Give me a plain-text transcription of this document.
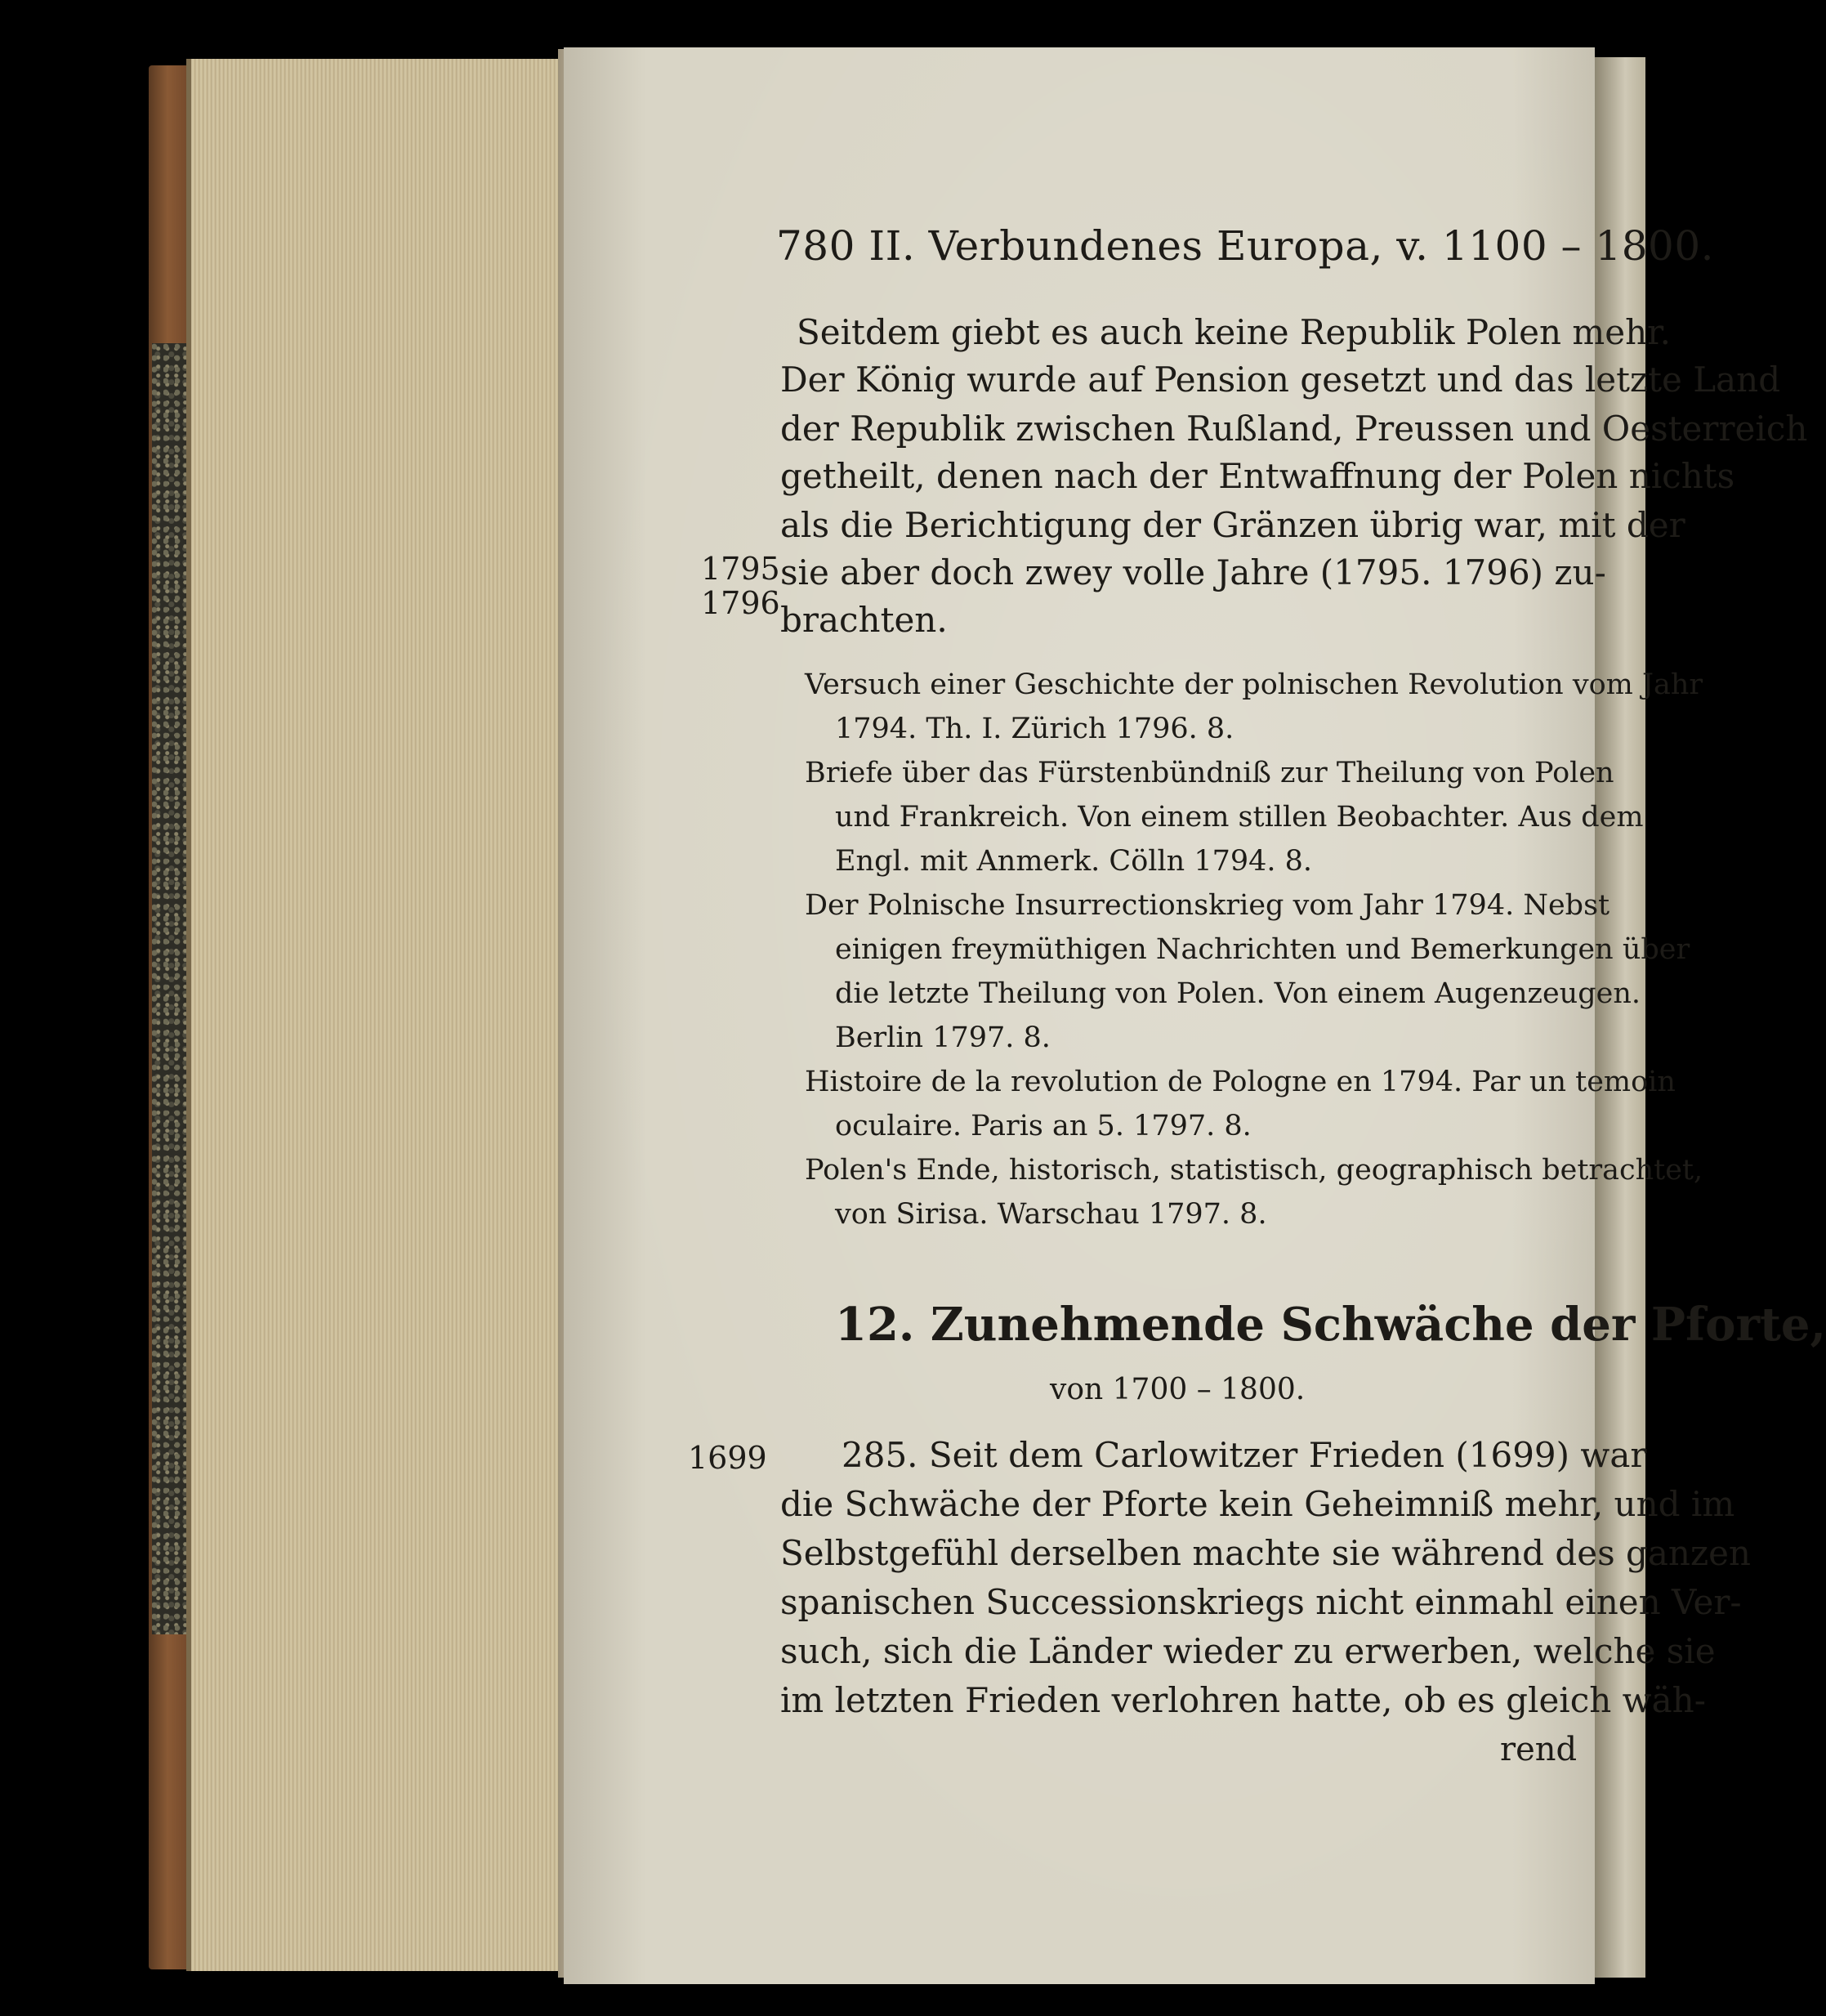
780 II. Verbundenes Europa, v. 1100 – 1800.
Seitdem giebt es auch keine Republik Polen mehr.
Der König wurde auf Pension gesetzt und das letzte Land
der Republik zwischen Rußland, Preussen und Oesterreich
getheilt, denen nach der Entwaffnung der Polen nichts
als die Berichtigung der Gränzen übrig war, mit der
sie aber doch zwey volle Jahre (1795. 1796) zu-
brachten.
1795
1796
Versuch einer Geschichte der polnischen Revolution vom Jahr
1794. Th. I. Zürich 1796. 8.
Briefe über das Fürstenbündniß zur Theilung von Polen
und Frankreich. Von einem stillen Beobachter. Aus dem
Engl. mit Anmerk. Cölln 1794. 8.
Der Polnische Insurrectionskrieg vom Jahr 1794. Nebst
einigen freymüthigen Nachrichten und Bemerkungen über
die letzte Theilung von Polen. Von einem Augenzeugen.
Berlin 1797. 8.
Histoire de la revolution de Pologne en 1794. Par un temoin
oculaire. Paris an 5. 1797. 8.
Polen's Ende, historisch, statistisch, geographisch betrachtet,
von Sirisa. Warschau 1797. 8.
12. Zunehmende Schwäche der Pforte,
von 1700 – 1800.
1699 285. Seit dem Carlowitzer Frieden (1699) war
die Schwäche der Pforte kein Geheimniß mehr, und im
Selbstgefühl derselben machte sie während des ganzen
spanischen Successionskriegs nicht einmahl einen Ver-
such, sich die Länder wieder zu erwerben, welche sie
im letzten Frieden verlohren hatte, ob es gleich wäh-
rend
